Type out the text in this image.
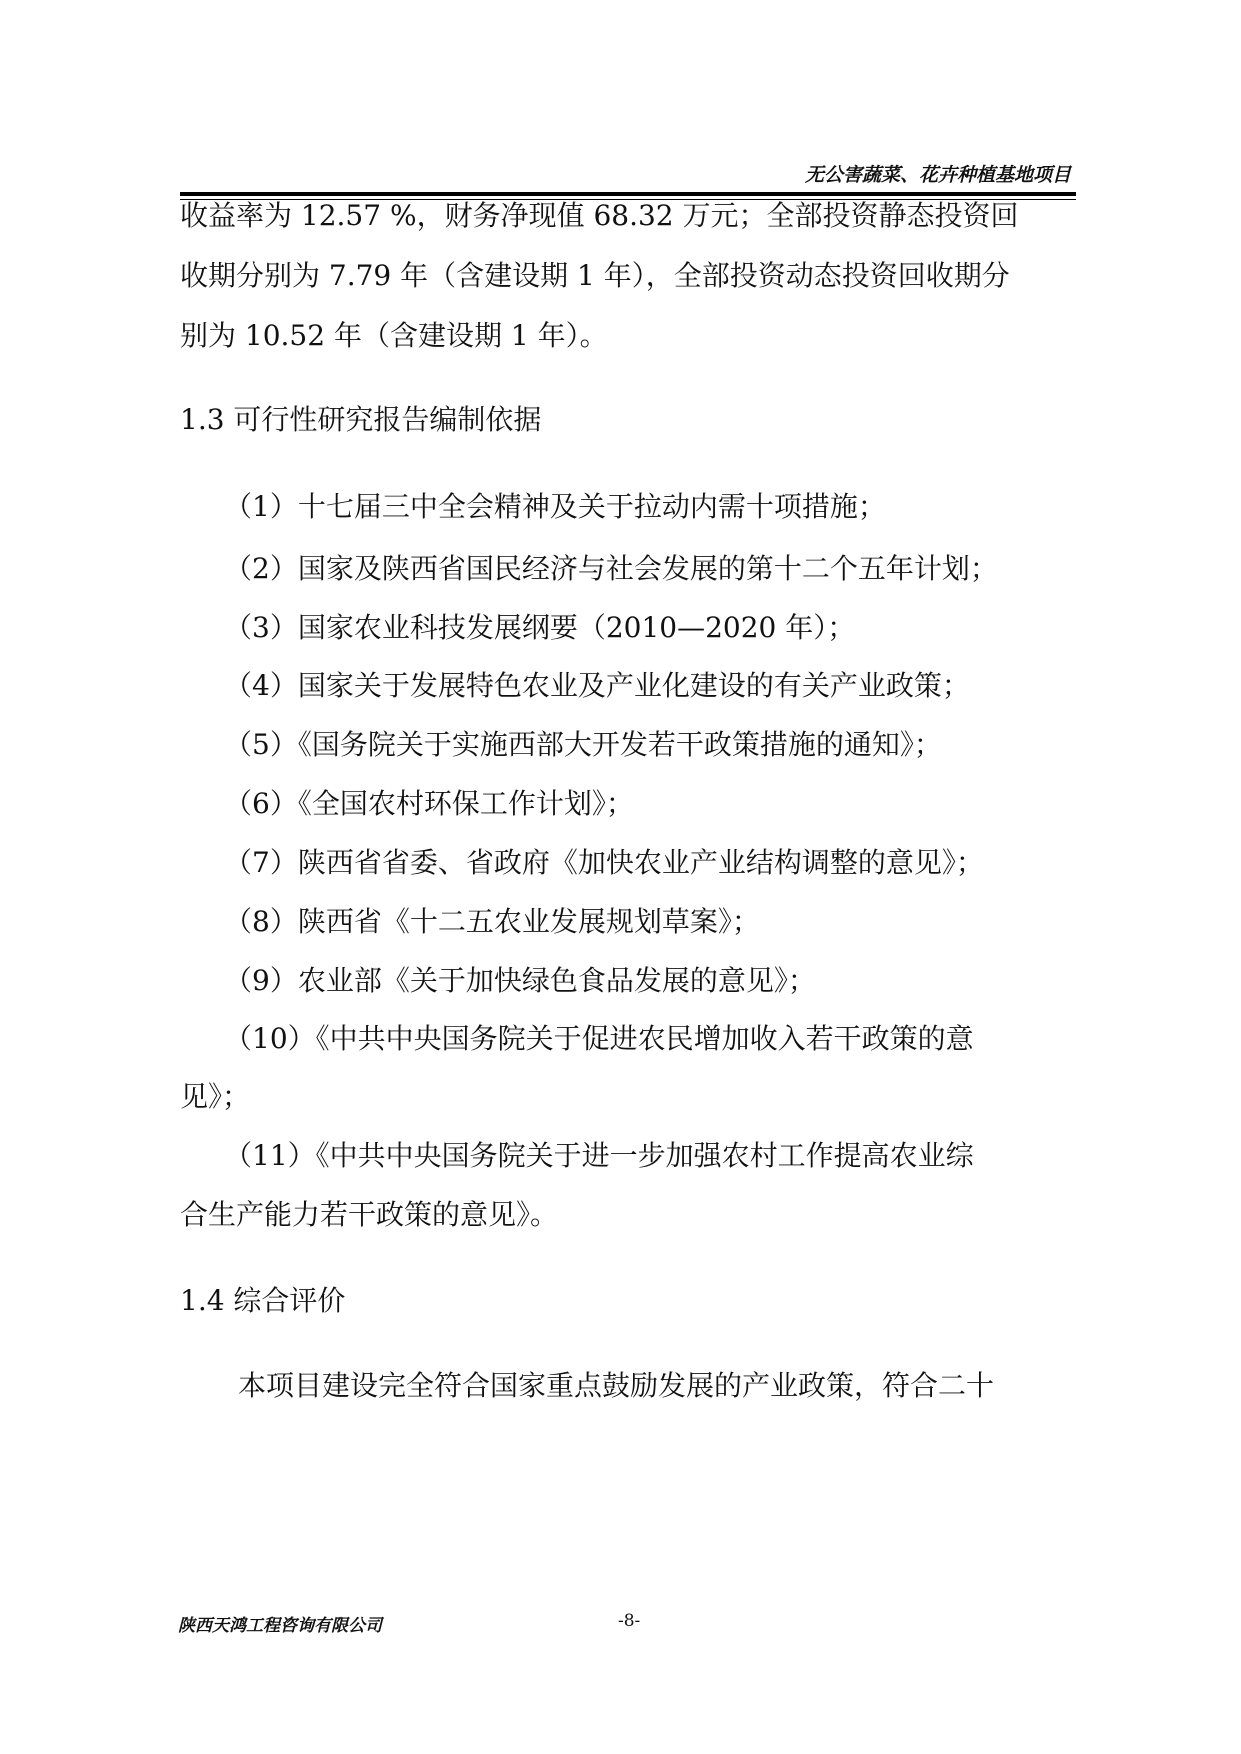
无公害蔬菜、花卉种植基地项目
收益率为 12.57 %，财务净现值 68.32 万元；全部投资静态投资回
收期分别为 7.79 年（含建设期 1 年），全部投资动态投资回收期分
别为 10.52 年（含建设期 1 年）。
1.3 可行性研究报告编制依据
（1）十七届三中全会精神及关于拉动内需十项措施；
（2）国家及陕西省国民经济与社会发展的第十二个五年计划；
（3）国家农业科技发展纲要（2010—2020 年）；
（4）国家关于发展特色农业及产业化建设的有关产业政策；
（5）《国务院关于实施西部大开发若干政策措施的通知》；
（6）《全国农村环保工作计划》；
（7）陕西省省委、省政府《加快农业产业结构调整的意见》；
（8）陕西省《十二五农业发展规划草案》；
（9）农业部《关于加快绿色食品发展的意见》；
（10）《中共中央国务院关于促进农民增加收入若干政策的意
见》；
（11）《中共中央国务院关于进一步加强农村工作提高农业综
合生产能力若干政策的意见》。
1.4 综合评价
本项目建设完全符合国家重点鼓励发展的产业政策，符合二十
陕西天鸿工程咨询有限公司	-8-
